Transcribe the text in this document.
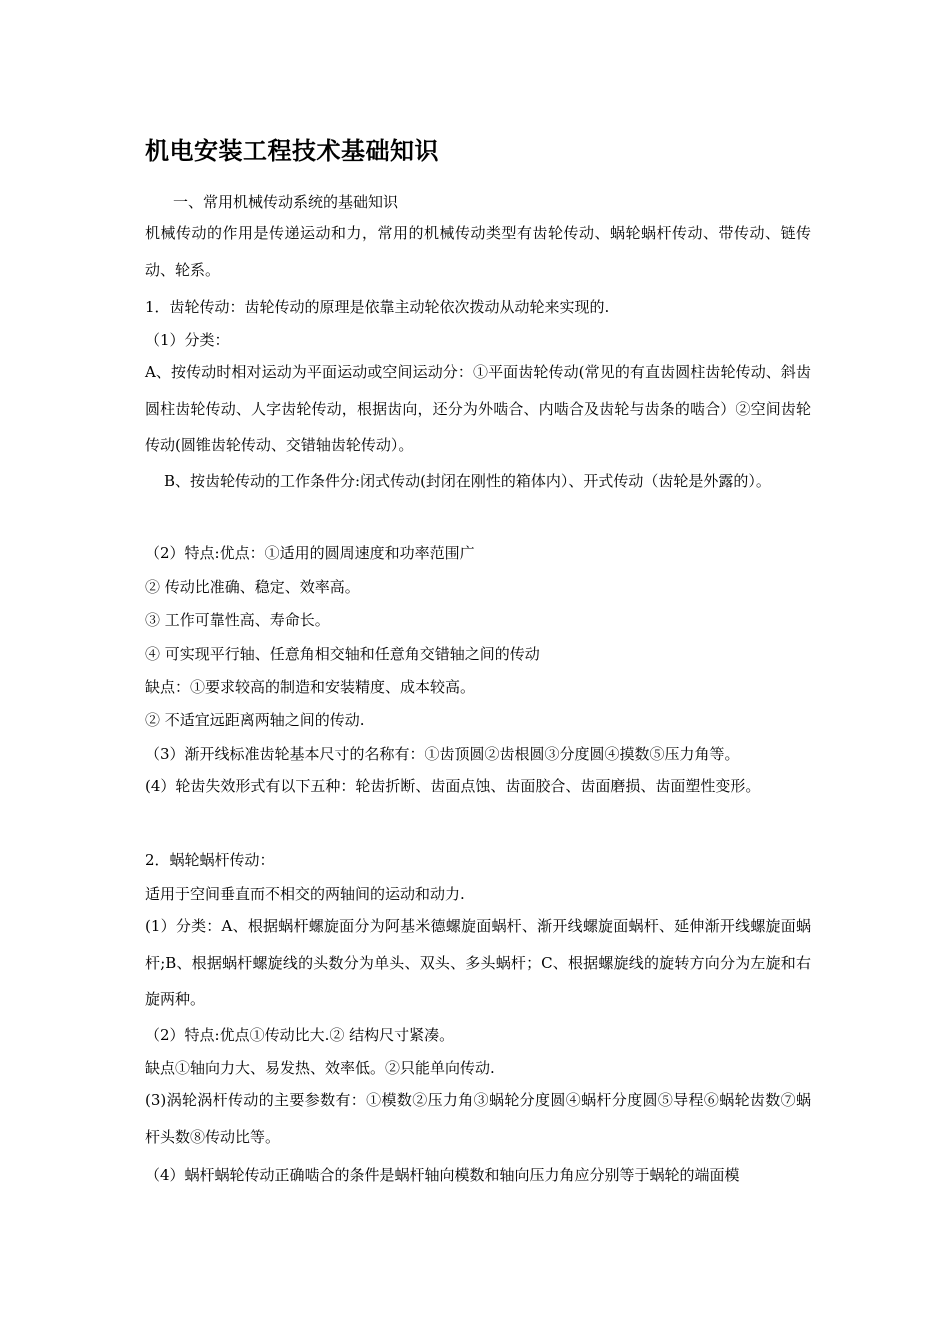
机电安装工程技术基础知识
一、常用机械传动系统的基础知识
机械传动的作用是传递运动和力，常用的机械传动类型有齿轮传动、蜗轮蜗杆传动、带传动、链传动、轮系。
1．齿轮传动：齿轮传动的原理是依靠主动轮依次拨动从动轮来实现的.
（1）分类：
A、按传动时相对运动为平面运动或空间运动分：①平面齿轮传动(常见的有直齿圆柱齿轮传动、斜齿圆柱齿轮传动、人字齿轮传动，根据齿向，还分为外啮合、内啮合及齿轮与齿条的啮合）②空间齿轮传动(圆锥齿轮传动、交错轴齿轮传动）。
B、按齿轮传动的工作条件分:闭式传动(封闭在刚性的箱体内）、开式传动（齿轮是外露的）。
（2）特点:优点：①适用的圆周速度和功率范围广
② 传动比准确、稳定、效率高。
③ 工作可靠性高、寿命长。
④ 可实现平行轴、任意角相交轴和任意角交错轴之间的传动
缺点：①要求较高的制造和安装精度、成本较高。
② 不适宜远距离两轴之间的传动.
（3）渐开线标准齿轮基本尺寸的名称有：①齿顶圆②齿根圆③分度圆④摸数⑤压力角等。
(4）轮齿失效形式有以下五种：轮齿折断、齿面点蚀、齿面胶合、齿面磨损、齿面塑性变形。
2．蜗轮蜗杆传动：
适用于空间垂直而不相交的两轴间的运动和动力.
(1）分类：A、根据蜗杆螺旋面分为阿基米德螺旋面蜗杆、渐开线螺旋面蜗杆、延伸渐开线螺旋面蜗杆;B、根据蜗杆螺旋线的头数分为单头、双头、多头蜗杆；C、根据螺旋线的旋转方向分为左旋和右旋两种。
（2）特点:优点①传动比大.② 结构尺寸紧凑。
缺点①轴向力大、易发热、效率低。②只能单向传动.
(3)涡轮涡杆传动的主要参数有：①模数②压力角③蜗轮分度圆④蜗杆分度圆⑤导程⑥蜗轮齿数⑦蜗杆头数⑧传动比等。
（4）蜗杆蜗轮传动正确啮合的条件是蜗杆轴向模数和轴向压力角应分别等于蜗轮的端面模
